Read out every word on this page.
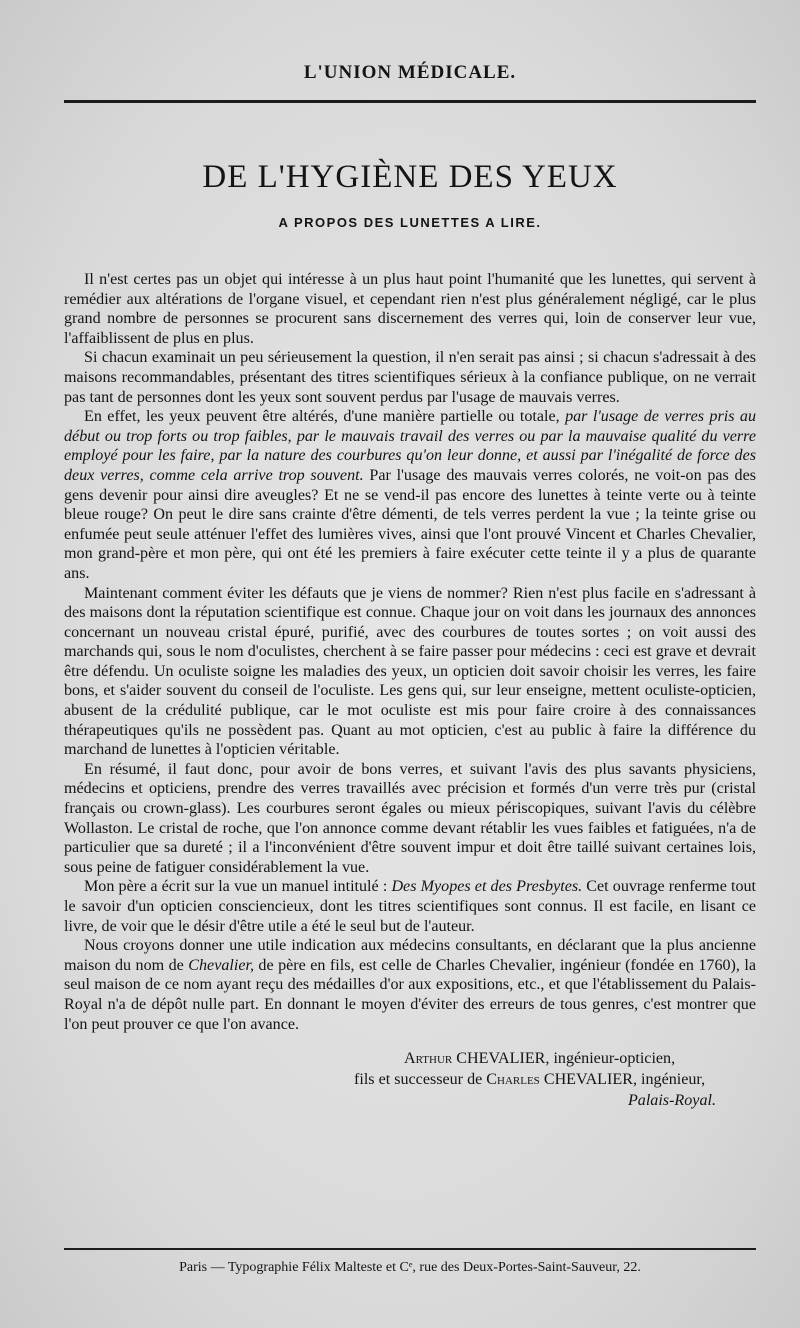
L'UNION MÉDICALE.
DE L'HYGIÈNE DES YEUX
A PROPOS DES LUNETTES A LIRE.

Il n'est certes pas un objet qui intéresse à un plus haut point l'humanité que les lunettes, qui servent à remédier aux altérations de l'organe visuel, et cependant rien n'est plus généralement négligé, car le plus grand nombre de personnes se procurent sans discernement des verres qui, loin de conserver leur vue, l'affaiblissent de plus en plus.

Si chacun examinait un peu sérieusement la question, il n'en serait pas ainsi ; si chacun s'adressait à des maisons recommandables, présentant des titres scientifiques sérieux à la confiance publique, on ne verrait pas tant de personnes dont les yeux sont souvent perdus par l'usage de mauvais verres.

En effet, les yeux peuvent être altérés, d'une manière partielle ou totale, par l'usage de verres pris au début ou trop forts ou trop faibles, par le mauvais travail des verres ou par la mauvaise qualité du verre employé pour les faire, par la nature des courbures qu'on leur donne, et aussi par l'inégalité de force des deux verres, comme cela arrive trop souvent. Par l'usage des mauvais verres colorés, ne voit-on pas des gens devenir pour ainsi dire aveugles? Et ne se vend-il pas encore des lunettes à teinte verte ou à teinte bleue rouge? On peut le dire sans crainte d'être démenti, de tels verres perdent la vue ; la teinte grise ou enfumée peut seule atténuer l'effet des lumières vives, ainsi que l'ont prouvé Vincent et Charles Chevalier, mon grand-père et mon père, qui ont été les premiers à faire exécuter cette teinte il y a plus de quarante ans.

Maintenant comment éviter les défauts que je viens de nommer? Rien n'est plus facile en s'adressant à des maisons dont la réputation scientifique est connue. Chaque jour on voit dans les journaux des annonces concernant un nouveau cristal épuré, purifié, avec des courbures de toutes sortes ; on voit aussi des marchands qui, sous le nom d'oculistes, cherchent à se faire passer pour médecins : ceci est grave et devrait être défendu. Un oculiste soigne les maladies des yeux, un opticien doit savoir choisir les verres, les faire bons, et s'aider souvent du conseil de l'oculiste. Les gens qui, sur leur enseigne, mettent oculiste-opticien, abusent de la crédulité publique, car le mot oculiste est mis pour faire croire à des connaissances thérapeutiques qu'ils ne possèdent pas. Quant au mot opticien, c'est au public à faire la différence du marchand de lunettes à l'opticien véritable.

En résumé, il faut donc, pour avoir de bons verres, et suivant l'avis des plus savants physiciens, médecins et opticiens, prendre des verres travaillés avec précision et formés d'un verre très pur (cristal français ou crown-glass). Les courbures seront égales ou mieux périscopiques, suivant l'avis du célèbre Wollaston. Le cristal de roche, que l'on annonce comme devant rétablir les vues faibles et fatiguées, n'a de particulier que sa dureté ; il a l'inconvénient d'être souvent impur et doit être taillé suivant certaines lois, sous peine de fatiguer considérablement la vue.

Mon père a écrit sur la vue un manuel intitulé : Des Myopes et des Presbytes. Cet ouvrage renferme tout le savoir d'un opticien consciencieux, dont les titres scientifiques sont connus. Il est facile, en lisant ce livre, de voir que le désir d'être utile a été le seul but de l'auteur.

Nous croyons donner une utile indication aux médecins consultants, en déclarant que la plus ancienne maison du nom de Chevalier, de père en fils, est celle de Charles Chevalier, ingénieur (fondée en 1760), la seul maison de ce nom ayant reçu des médailles d'or aux expositions, etc., et que l'établissement du Palais-Royal n'a de dépôt nulle part. En donnant le moyen d'éviter des erreurs de tous genres, c'est montrer que l'on peut prouver ce que l'on avance.

Arthur CHEVALIER, ingénieur-opticien,
fils et successeur de Charles CHEVALIER, ingénieur,
Palais-Royal.
Paris — Typographie Félix Malteste et Cᵉ, rue des Deux-Portes-Saint-Sauveur, 22.
